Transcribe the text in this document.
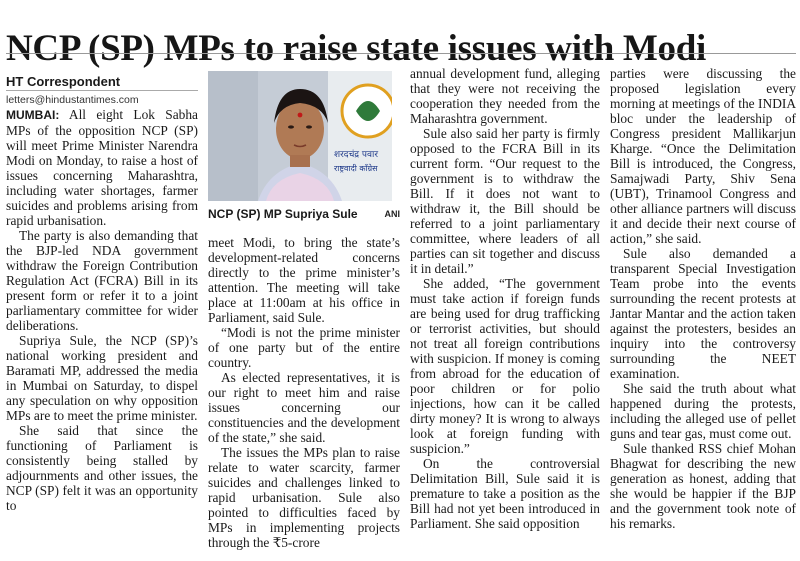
NCP (SP) MPs to raise state issues with Modi

HT Correspondent

letters@hindustantimes.com

MUMBAI: All eight Lok Sabha MPs of the opposition NCP (SP) will meet Prime Minister Narendra Modi on Monday, to raise a host of issues concerning Maharashtra, including water shortages, farmer suicides and problems arising from rapid urbanisation.

The party is also demanding that the BJP-led NDA government withdraw the Foreign Contribution Regulation Act (FCRA) Bill in its present form or refer it to a joint parliamentary committee for wider deliberations.

Supriya Sule, the NCP (SP)’s national working president and Baramati MP, addressed the media in Mumbai on Saturday, to dispel any speculation on why opposition MPs are to meet the prime minister.

She said that since the functioning of Parliament is consistently being stalled by adjournments and other issues, the NCP (SP) felt it was an opportunity to

शरदचंद्र पवार
राष्ट्रवादी काँग्रेस
NCP (SP) MP Supriya Sule	ANI

meet Modi, to bring the state’s development-related concerns directly to the prime minister’s attention. The meeting will take place at 11:00am at his office in Parliament, said Sule.

“Modi is not the prime minister of one party but of the entire country.

As elected representatives, it is our right to meet him and raise issues concerning our constituencies and the development of the state,” she said.

The issues the MPs plan to raise relate to water scarcity, farmer suicides and challenges linked to rapid urbanisation. Sule also pointed to difficulties faced by MPs in implementing projects through the ₹5-crore

annual development fund, alleging that they were not receiving the cooperation they needed from the Maharashtra government.

Sule also said her party is firmly opposed to the FCRA Bill in its current form. “Our request to the government is to withdraw the Bill. If it does not want to withdraw it, the Bill should be referred to a joint parliamentary committee, where leaders of all parties can sit together and discuss it in detail.”

She added, “The government must take action if foreign funds are being used for drug trafficking or terrorist activities, but should not treat all foreign contributions with suspicion. If money is coming from abroad for the education of poor children or for polio injections, how can it be called dirty money? It is wrong to always look at foreign funding with suspicion.”

On the controversial Delimitation Bill, Sule said it is premature to take a position as the Bill had not yet been introduced in Parliament. She said opposition

parties were discussing the proposed legislation every morning at meetings of the INDIA bloc under the leadership of Congress president Mallikarjun Kharge. “Once the Delimitation Bill is introduced, the Congress, Samajwadi Party, Shiv Sena (UBT), Trinamool Congress and other alliance partners will discuss it and decide their next course of action,” she said.

Sule also demanded a transparent Special Investigation Team probe into the events surrounding the recent protests at Jantar Mantar and the action taken against the protesters, besides an inquiry into the controversy surrounding the NEET examination.

She said the truth about what happened during the protests, including the alleged use of pellet guns and tear gas, must come out.

Sule thanked RSS chief Mohan Bhagwat for describing the new generation as honest, adding that she would be happier if the BJP and the government took note of his remarks.
